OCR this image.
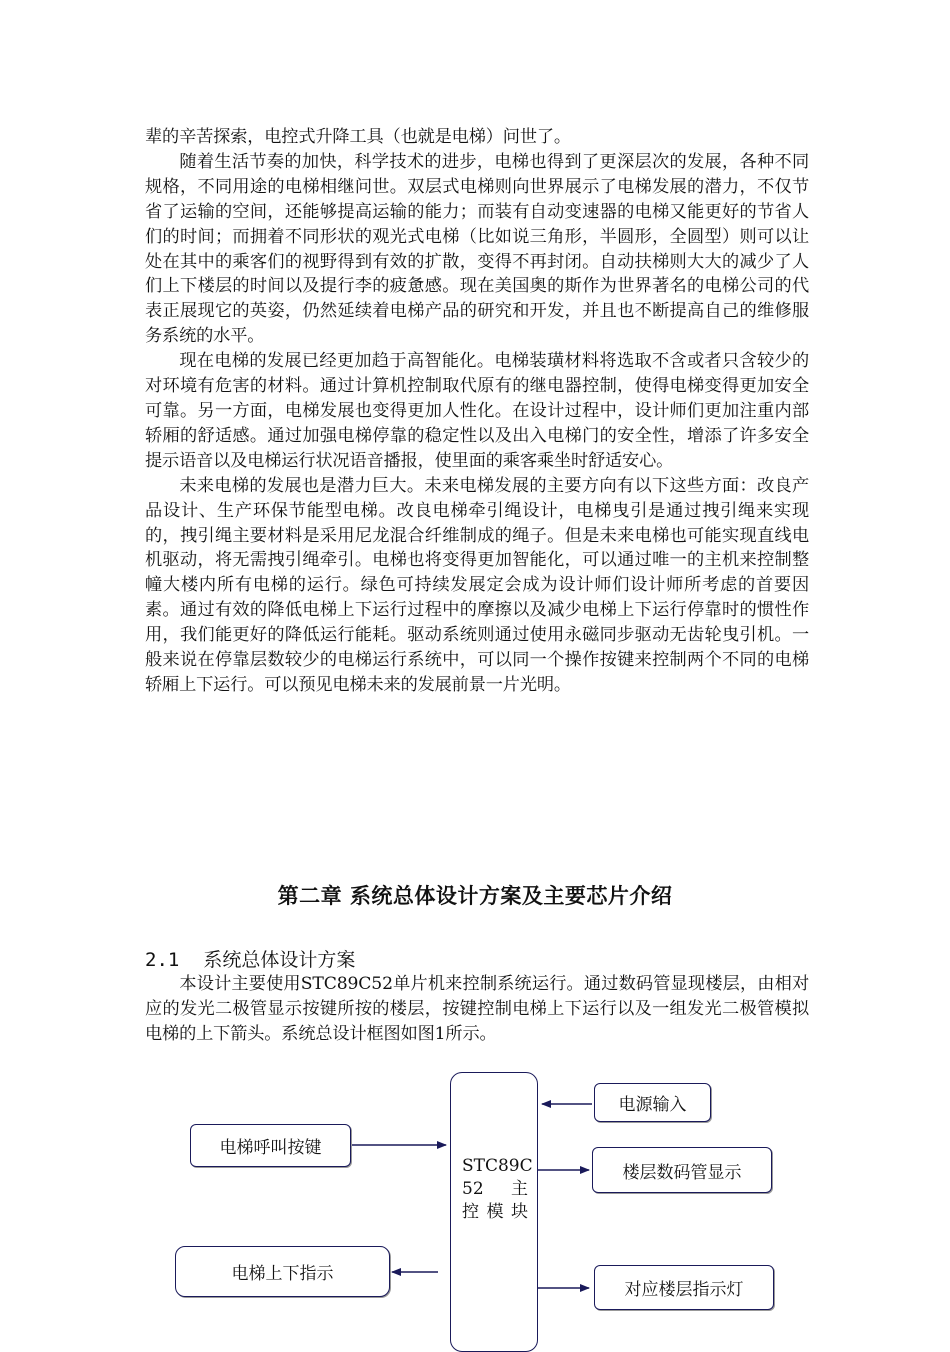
辈的辛苦探索，电控式升降工具（也就是电梯）问世了。

随着生活节奏的加快，科学技术的进步，电梯也得到了更深层次的发展，各种不同规格，不同用途的电梯相继问世。双层式电梯则向世界展示了电梯发展的潜力，不仅节省了运输的空间，还能够提高运输的能力；而装有自动变速器的电梯又能更好的节省人们的时间；而拥着不同形状的观光式电梯（比如说三角形，半圆形，全圆型）则可以让处在其中的乘客们的视野得到有效的扩散，变得不再封闭。自动扶梯则大大的减少了人们上下楼层的时间以及提行李的疲惫感。现在美国奥的斯作为世界著名的电梯公司的代表正展现它的英姿，仍然延续着电梯产品的研究和开发，并且也不断提高自己的维修服务系统的水平。

现在电梯的发展已经更加趋于高智能化。电梯装璜材料将选取不含或者只含较少的对环境有危害的材料。通过计算机控制取代原有的继电器控制，使得电梯变得更加安全可靠。另一方面，电梯发展也变得更加人性化。在设计过程中，设计师们更加注重内部轿厢的舒适感。通过加强电梯停靠的稳定性以及出入电梯门的安全性，增添了许多安全提示语音以及电梯运行状况语音播报，使里面的乘客乘坐时舒适安心。

未来电梯的发展也是潜力巨大。未来电梯发展的主要方向有以下这些方面：改良产品设计、生产环保节能型电梯。改良电梯牵引绳设计，电梯曳引是通过拽引绳来实现的，拽引绳主要材料是采用尼龙混合纤维制成的绳子。但是未来电梯也可能实现直线电机驱动，将无需拽引绳牵引。电梯也将变得更加智能化，可以通过唯一的主机来控制整幢大楼内所有电梯的运行。绿色可持续发展定会成为设计师们设计师所考虑的首要因素。通过有效的降低电梯上下运行过程中的摩擦以及减少电梯上下运行停靠时的惯性作用，我们能更好的降低运行能耗。驱动系统则通过使用永磁同步驱动无齿轮曳引机。一般来说在停靠层数较少的电梯运行系统中，可以同一个操作按键来控制两个不同的电梯轿厢上下运行。可以预见电梯未来的发展前景一片光明。

第二章 系统总体设计方案及主要芯片介绍
2.1 系统总体设计方案

本设计主要使用STC89C52单片机来控制系统运行。通过数码管显现楼层，由相对应的发光二极管显示按键所按的楼层，按键控制电梯上下运行以及一组发光二极管模拟电梯的上下箭头。系统总设计框图如图1所示。

STC89C
52 主
控模块
电梯呼叫按键
电梯上下指示
电源输入
楼层数码管显示
对应楼层指示灯
